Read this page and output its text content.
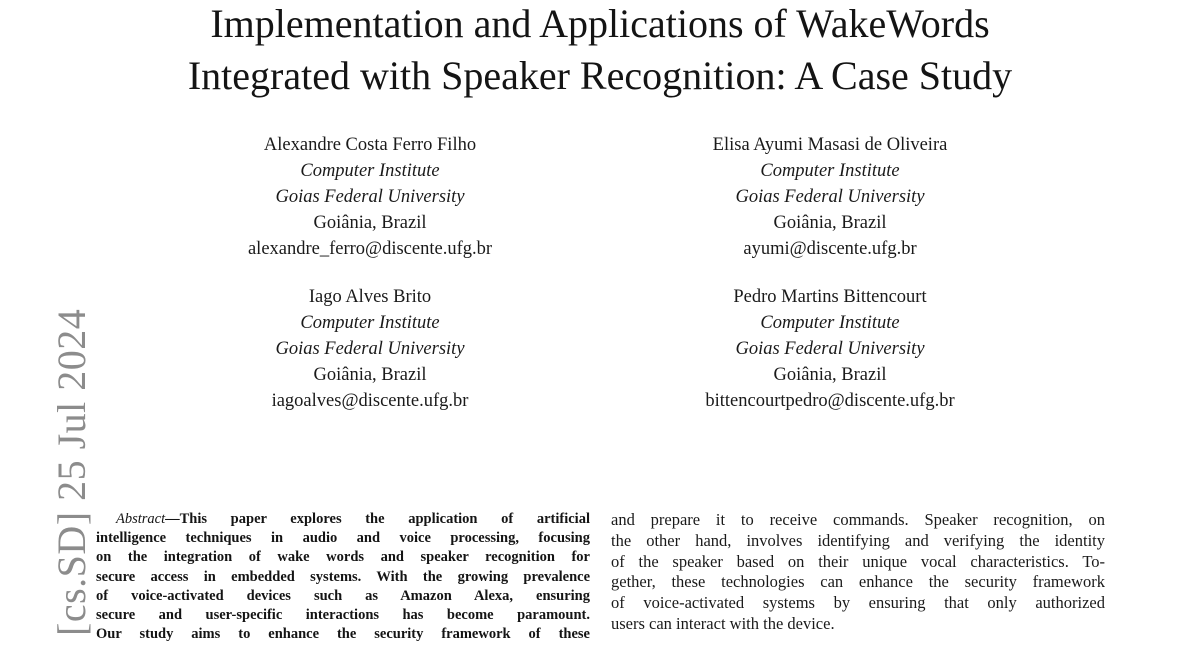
Implementation and Applications of WakeWords
Integrated with Speaker Recognition: A Case Study
Alexandre Costa Ferro Filho
Computer Institute
Goias Federal University
Goiânia, Brazil
alexandre_ferro@discente.ufg.br
Elisa Ayumi Masasi de Oliveira
Computer Institute
Goias Federal University
Goiânia, Brazil
ayumi@discente.ufg.br
Iago Alves Brito
Computer Institute
Goias Federal University
Goiânia, Brazil
iagoalves@discente.ufg.br
Pedro Martins Bittencourt
Computer Institute
Goias Federal University
Goiânia, Brazil
bittencourtpedro@discente.ufg.br
[cs.SD] 25 Jul 2024	Abstract—This paper explores the application of artificial
intelligence techniques in audio and voice processing, focusing
on the integration of wake words and speaker recognition for
secure access in embedded systems. With the growing prevalence
of voice-activated devices such as Amazon Alexa, ensuring
secure and user-specific interactions has become paramount.
Our study aims to enhance the security framework of these
and prepare it to receive commands. Speaker recognition, on
the other hand, involves identifying and verifying the identity
of the speaker based on their unique vocal characteristics. To-
gether, these technologies can enhance the security framework
of voice-activated systems by ensuring that only authorized
users can interact with the device.
